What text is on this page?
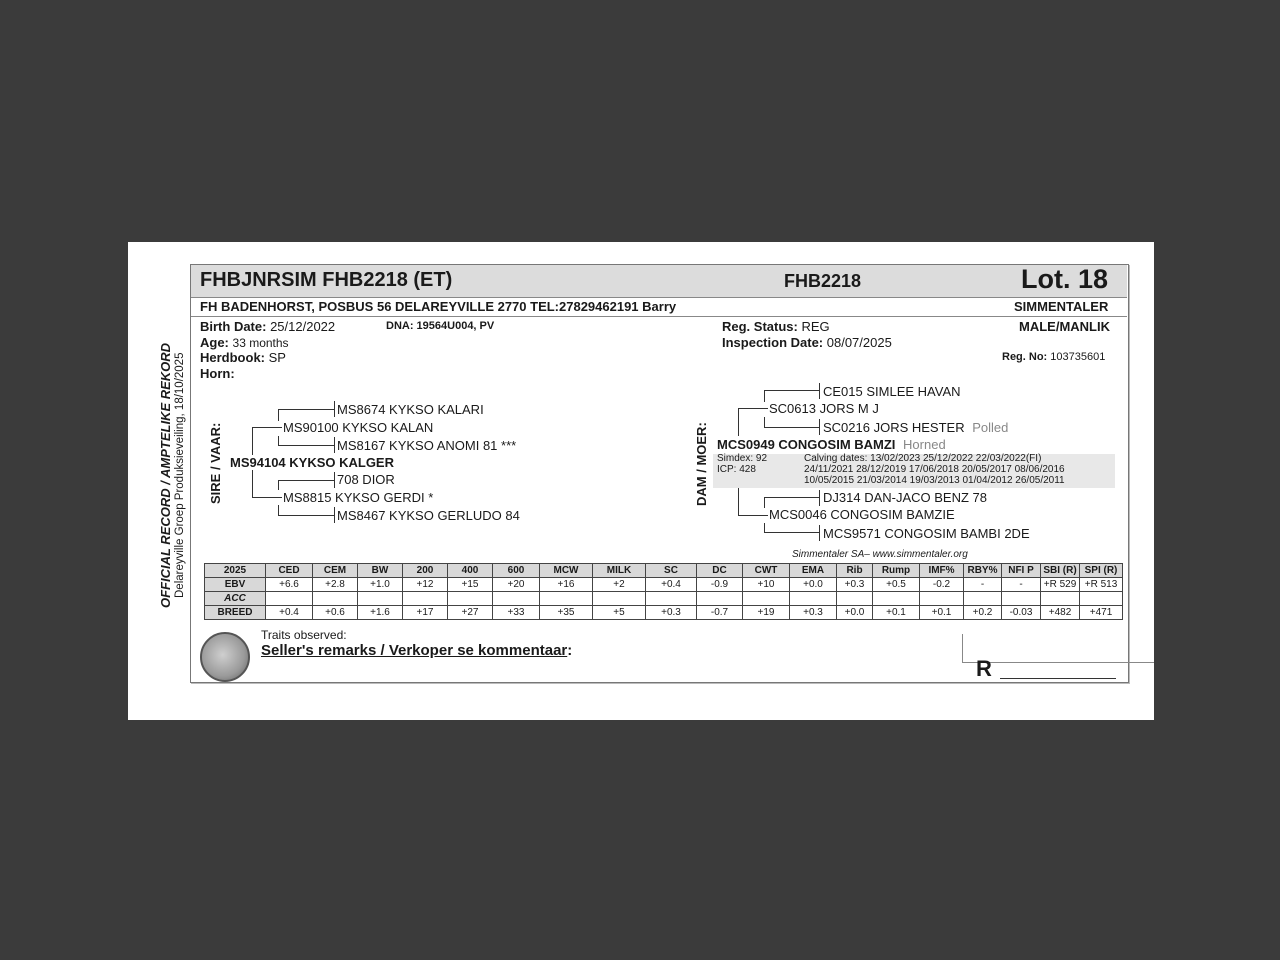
OFFICIAL RECORD / AMPTELIKE REKORD Delareyville Groep Produksieveiling, 18/10/2025
FHBJNRSIM FHB2218 (ET)	FHB2218	Lot. 18
FH BADENHORST, POSBUS 56 DELAREYVILLE 2770 TEL:27829462191 Barry	SIMMENTALER
Birth Date: 25/12/2022	DNA: 19564U004, PV
Age: 33 months
Herdbook: SP
Horn:
Reg. Status: REG
Inspection Date: 08/07/2025
MALE/MANLIK
Reg. No: 103735601
SIRE / VAAR: MS94104 KYKSO KALGER
MS90100 KYKSO KALAN
MS8815 KYKSO GERDI *
MS8674 KYKSO KALARI
MS8167 KYKSO ANOMI 81 ***
708 DIOR
MS8467 KYKSO GERLUDO 84
DAM / MOER:
SC0613 JORS M J
MCS0046 CONGOSIM BAMZIE
CE015 SIMLEE HAVAN
SC0216 JORS HESTER Polled
DJ314 DAN-JACO BENZ 78
MCS9571 CONGOSIM BAMBI 2DE
MCS0949 CONGOSIM BAMZI Horned
Simdex: 92
ICP: 428
Calving dates: 13/02/2023 25/12/2022 22/03/2022(FI)
24/11/2021 28/12/2019 17/06/2018 20/05/2017 08/06/2016
10/05/2015 21/03/2014 19/03/2013 01/04/2012 26/05/2011
Simmentaler SA– www.simmentaler.org
2025	CED	CEM	BW	200	400	600	MCW	MILK	SC	DC	CWT	EMA	Rib	Rump	IMF%	RBY%	NFI P	SBI (R)	SPI (R)
EBV	+6.6	+2.8	+1.0	+12	+15	+20	+16	+2	+0.4	-0.9	+10	+0.0	+0.3	+0.5	-0.2	-	-	+R 529	+R 513
ACC																			
BREED	+0.4	+0.6	+1.6	+17	+27	+33	+35	+5	+0.3	-0.7	+19	+0.3	+0.0	+0.1	+0.1	+0.2	-0.03	+482	+471
Traits observed:
Seller's remarks / Verkoper se kommentaar:
R
